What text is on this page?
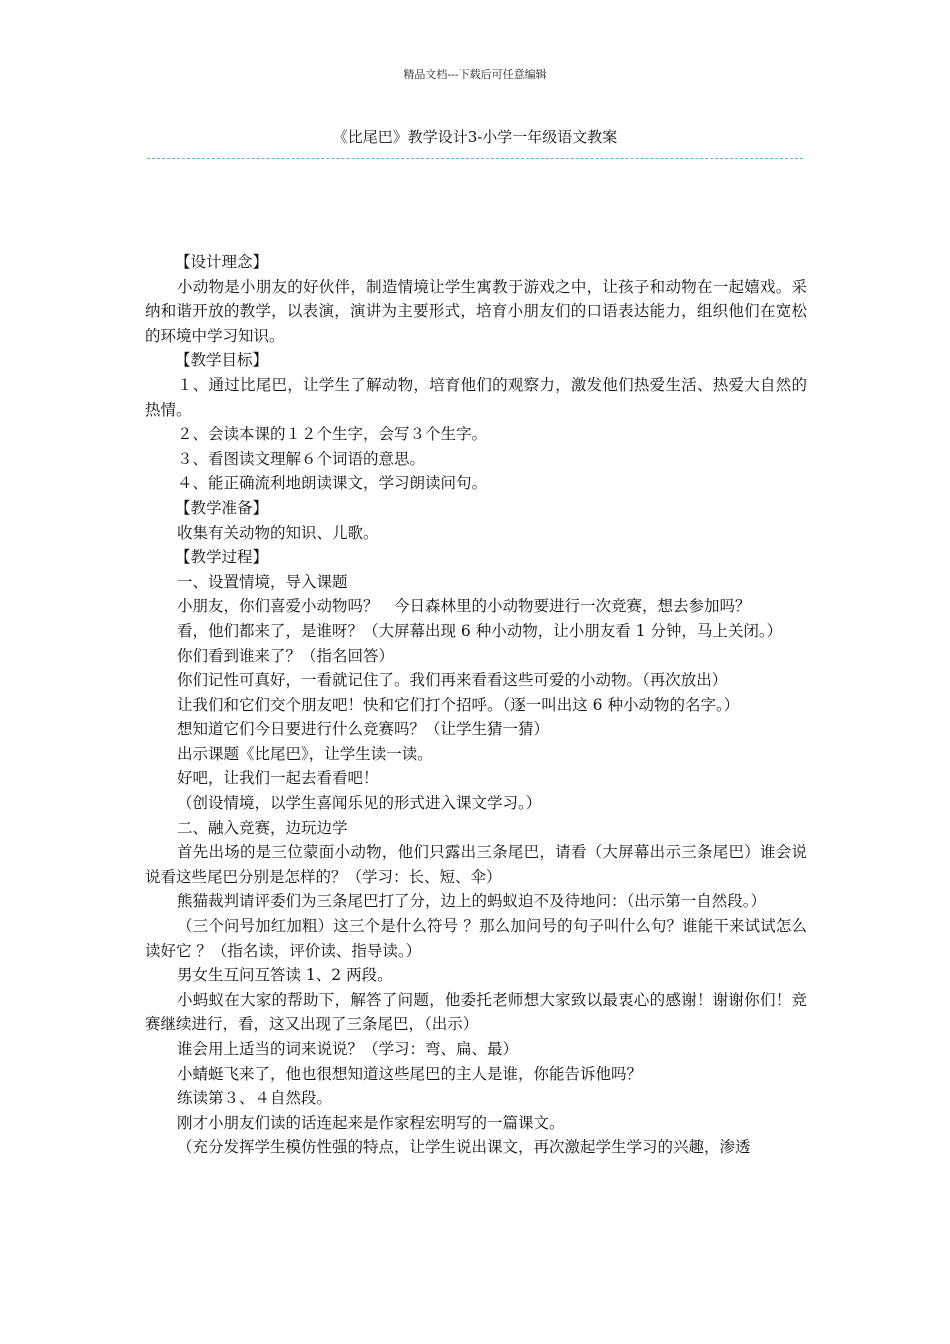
精品文档---下载后可任意编辑
《比尾巴》教学设计3-小学一年级语文教案

【设计理念】

小动物是小朋友的好伙伴，制造情境让学生寓教于游戏之中，让孩子和动物在一起嬉戏。采纳和谐开放的教学，以表演，演讲为主要形式，培育小朋友们的口语表达能力，组织他们在宽松的环境中学习知识。

【教学目标】

１、通过比尾巴，让学生了解动物，培育他们的观察力，激发他们热爱生活、热爱大自然的热情。

２、会读本课的１２个生字，会写３个生字。

３、看图读文理解６个词语的意思。

４、能正确流利地朗读课文，学习朗读问句。

【教学准备】

收集有关动物的知识、儿歌。

【教学过程】

一、设置情境，导入课题

小朋友，你们喜爱小动物吗？　今日森林里的小动物要进行一次竞赛，想去参加吗？

看，他们都来了，是谁呀？（大屏幕出现 6 种小动物，让小朋友看 1 分钟，马上关闭。）

你们看到谁来了？（指名回答）

你们记性可真好，一看就记住了。我们再来看看这些可爱的小动物。（再次放出）

让我们和它们交个朋友吧！快和它们打个招呼。（逐一叫出这 6 种小动物的名字。）

想知道它们今日要进行什么竞赛吗？（让学生猜一猜）

出示课题《比尾巴》，让学生读一读。

好吧，让我们一起去看看吧！

（创设情境，以学生喜闻乐见的形式进入课文学习。）

二、融入竞赛，边玩边学

首先出场的是三位蒙面小动物，他们只露出三条尾巴，请看（大屏幕出示三条尾巴）谁会说说看这些尾巴分别是怎样的？（学习：长、短、伞）

熊猫裁判请评委们为三条尾巴打了分，边上的蚂蚁迫不及待地问：（出示第一自然段。）

（三个问号加红加粗）这三个是什么符号 ？那么加问号的句子叫什么句？谁能干来试试怎么读好它 ？（指名读，评价读、指导读。）

男女生互问互答读 1、2 两段。

小蚂蚁在大家的帮助下，解答了问题，他委托老师想大家致以最衷心的感谢！谢谢你们！竞赛继续进行，看，这又出现了三条尾巴，（出示）

谁会用上适当的词来说说？（学习：弯、扁、最）

小蜻蜓飞来了，他也很想知道这些尾巴的主人是谁，你能告诉他吗？

练读第３、４自然段。

刚才小朋友们读的话连起来是作家程宏明写的一篇课文。

（充分发挥学生模仿性强的特点，让学生说出课文，再次激起学生学习的兴趣，渗透
